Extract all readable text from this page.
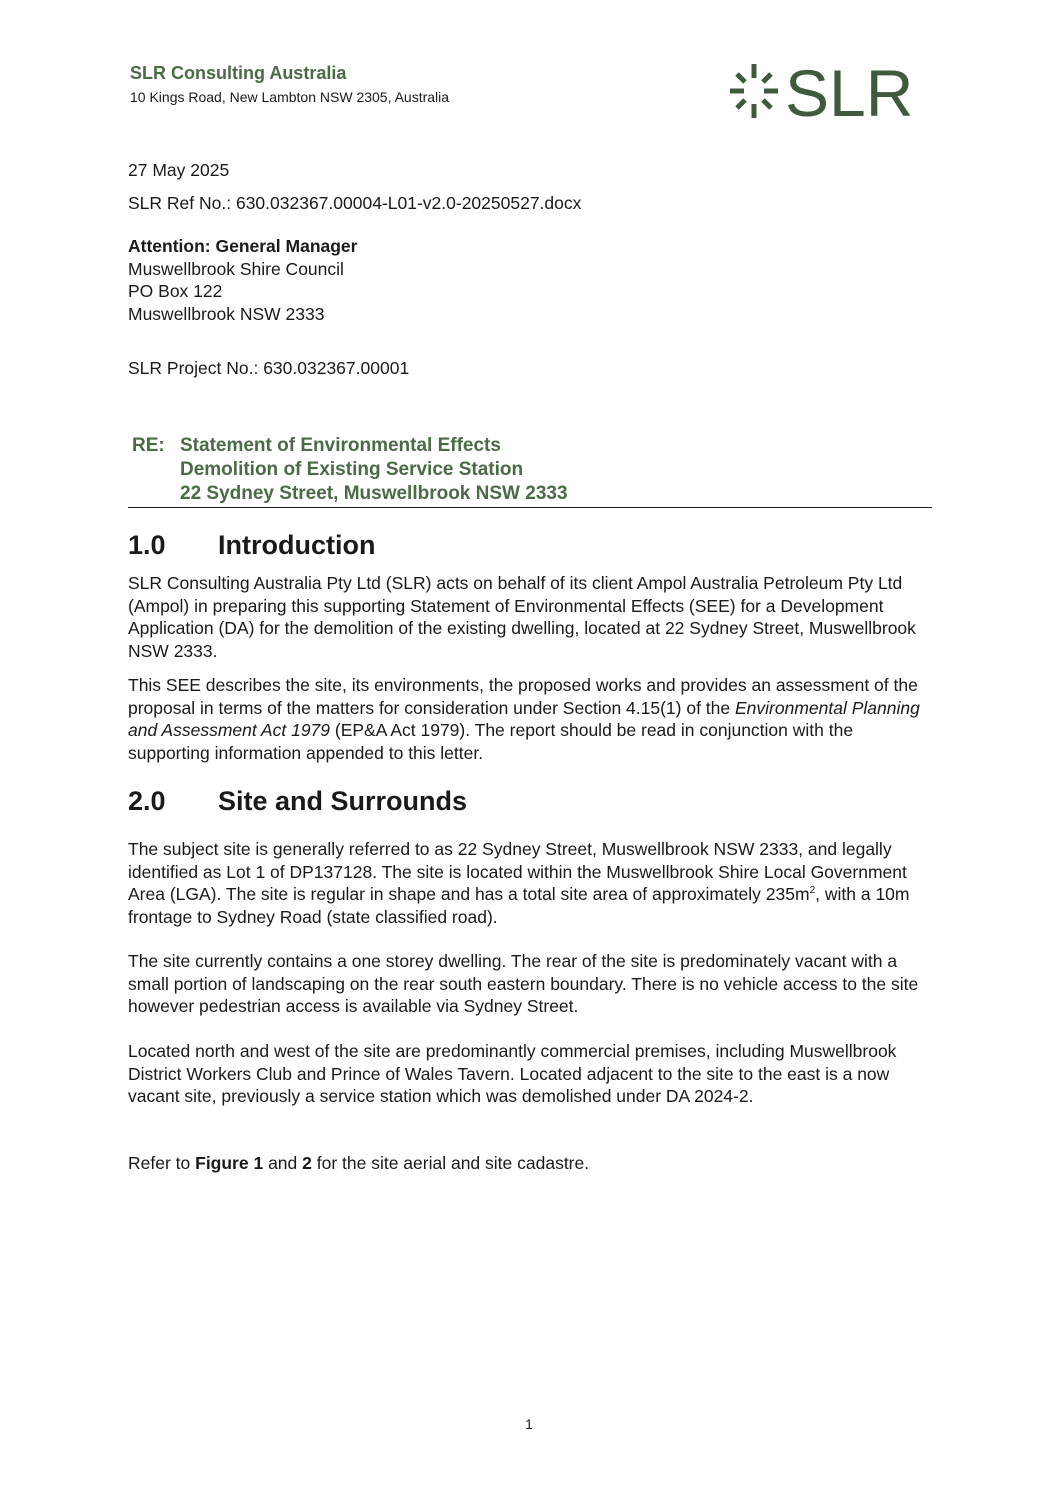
SLR Consulting Australia
10 Kings Road, New Lambton NSW 2305, Australia	SLR
27 May 2025
SLR Ref No.: 630.032367.00004-L01-v2.0-20250527.docx
Attention: General Manager
Muswellbrook Shire Council
PO Box 122
Muswellbrook NSW 2333
SLR Project No.: 630.032367.00001
RE: Statement of Environmental Effects
Demolition of Existing Service Station
22 Sydney Street, Muswellbrook NSW 2333
1.0 Introduction

SLR Consulting Australia Pty Ltd (SLR) acts on behalf of its client Ampol Australia Petroleum Pty Ltd (Ampol) in preparing this supporting Statement of Environmental Effects (SEE) for a Development Application (DA) for the demolition of the existing dwelling, located at 22 Sydney Street, Muswellbrook NSW 2333.

This SEE describes the site, its environments, the proposed works and provides an assessment of the proposal in terms of the matters for consideration under Section 4.15(1) of the Environmental Planning and Assessment Act 1979 (EP&A Act 1979). The report should be read in conjunction with the supporting information appended to this letter.

2.0 Site and Surrounds

The subject site is generally referred to as 22 Sydney Street, Muswellbrook NSW 2333, and legally identified as Lot 1 of DP137128. The site is located within the Muswellbrook Shire Local Government Area (LGA). The site is regular in shape and has a total site area of approximately $235m^2$, with a 10m frontage to Sydney Road (state classified road).

The site currently contains a one storey dwelling. The rear of the site is predominately vacant with a small portion of landscaping on the rear south eastern boundary. There is no vehicle access to the site however pedestrian access is available via Sydney Street.

Located north and west of the site are predominantly commercial premises, including Muswellbrook District Workers Club and Prince of Wales Tavern. Located adjacent to the site to the east is a now vacant site, previously a service station which was demolished under DA 2024-2.

Refer to Figure 1 and 2 for the site aerial and site cadastre.

1
